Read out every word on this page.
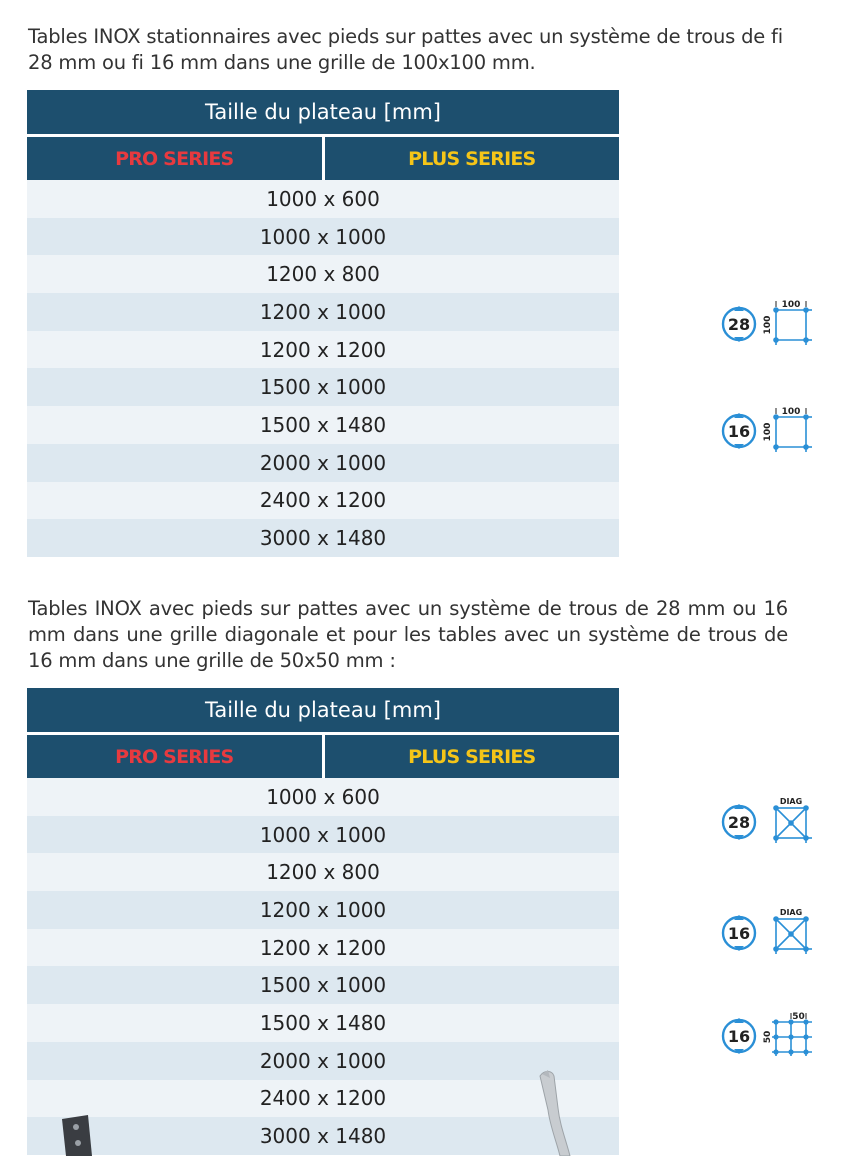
Tables INOX stationnaires avec pieds sur pattes avec un système de trous de fi 28 mm ou fi 16 mm dans une grille de 100x100 mm.

Taille du plateau [mm]
PRO SERIES	PLUS SERIES
1000 x 600
1000 x 1000
1200 x 800
1200 x 1000
1200 x 1200
1500 x 1000
1500 x 1480
2000 x 1000
2400 x 1200
3000 x 1480
28
100
100
16
100
100

Tables INOX avec pieds sur pattes avec un système de trous de 28 mm ou 16 mm dans une grille diagonale et pour les tables avec un système de trous de 16 mm dans une grille de 50x50 mm :

Taille du plateau [mm]
PRO SERIES	PLUS SERIES
1000 x 600
1000 x 1000
1200 x 800
1200 x 1000
1200 x 1200
1500 x 1000
1500 x 1480
2000 x 1000
2400 x 1200
3000 x 1480
28
DIAG
16
DIAG
16
50
50
